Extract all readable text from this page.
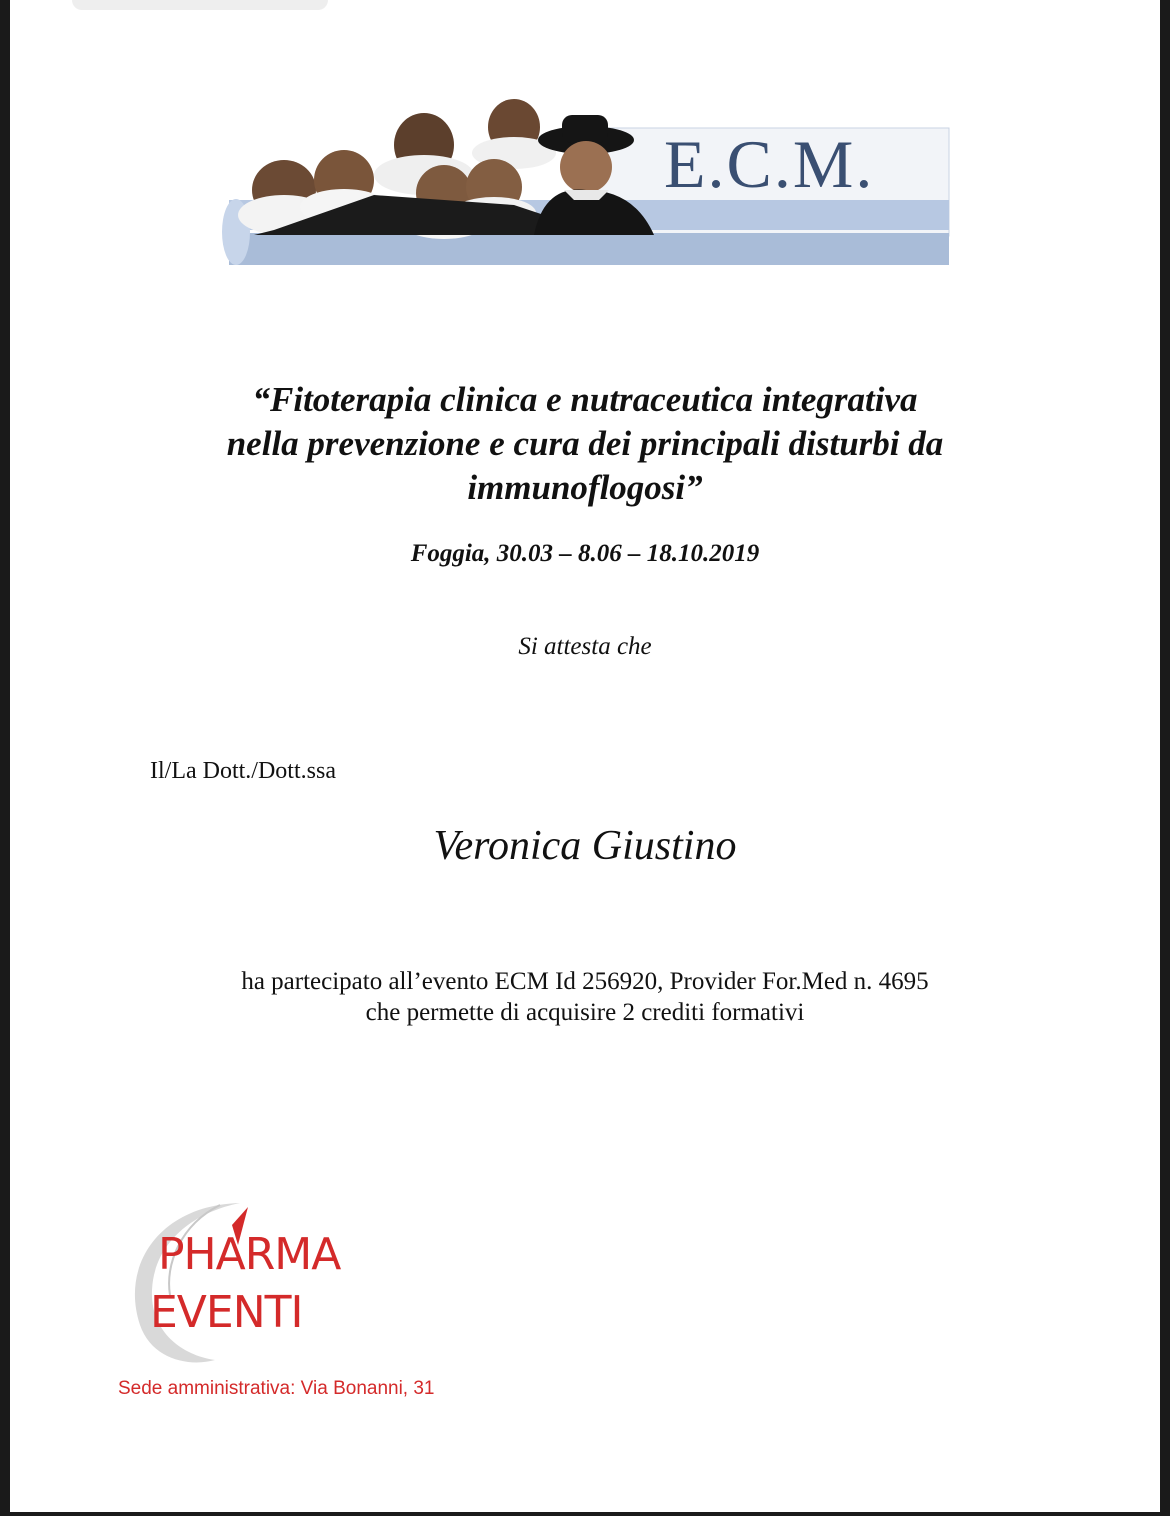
E.C.M.
“Fitoterapia clinica e nutraceutica integrativa
nella prevenzione e cura dei principali disturbi da
immunoflogosi”
Foggia, 30.03 – 8.06 – 18.10.2019
Si attesta che
Il/La Dott./Dott.ssa
Veronica Giustino
ha partecipato all’evento ECM Id 256920, Provider For.Med n. 4695
che permette di acquisire 2 crediti formativi
PHARMA
EVENTI
Sede amministrativa: Via Bonanni, 31
